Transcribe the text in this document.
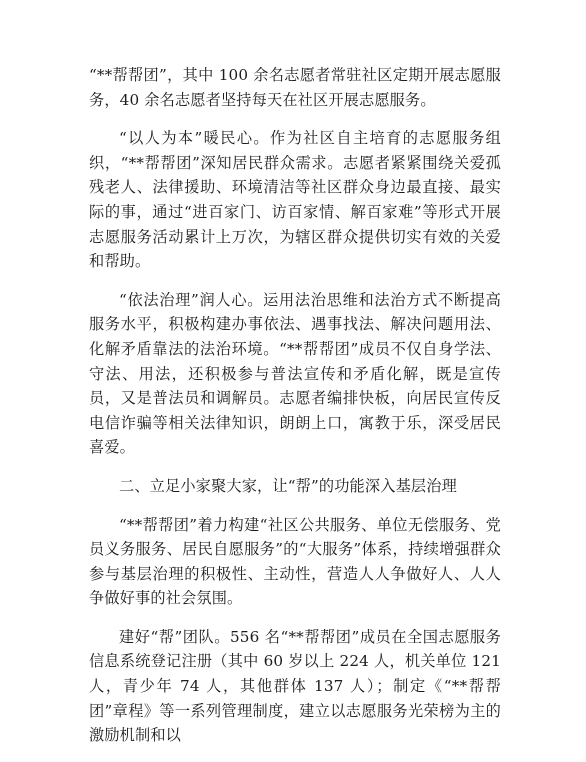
“**帮帮团”，其中 100 余名志愿者常驻社区定期开展志愿服务，40 余名志愿者坚持每天在社区开展志愿服务。

“以人为本”暖民心。作为社区自主培育的志愿服务组织，“**帮帮团”深知居民群众需求。志愿者紧紧围绕关爱孤残老人、法律援助、环境清洁等社区群众身边最直接、最实际的事，通过“进百家门、访百家情、解百家难”等形式开展志愿服务活动累计上万次，为辖区群众提供切实有效的关爱和帮助。

“依法治理”润人心。运用法治思维和法治方式不断提高服务水平，积极构建办事依法、遇事找法、解决问题用法、化解矛盾靠法的法治环境。“**帮帮团”成员不仅自身学法、守法、用法，还积极参与普法宣传和矛盾化解，既是宣传员，又是普法员和调解员。志愿者编排快板，向居民宣传反电信诈骗等相关法律知识，朗朗上口，寓教于乐，深受居民喜爱。

二、立足小家聚大家，让“帮”的功能深入基层治理

“**帮帮团”着力构建“社区公共服务、单位无偿服务、党员义务服务、居民自愿服务”的“大服务”体系，持续增强群众参与基层治理的积极性、主动性，营造人人争做好人、人人争做好事的社会氛围。

建好“帮”团队。556 名“**帮帮团”成员在全国志愿服务信息系统登记注册（其中 60 岁以上 224 人，机关单位 121 人，青少年 74 人，其他群体 137 人）；制定《“**帮帮团”章程》等一系列管理制度，建立以志愿服务光荣榜为主的激励机制和以
